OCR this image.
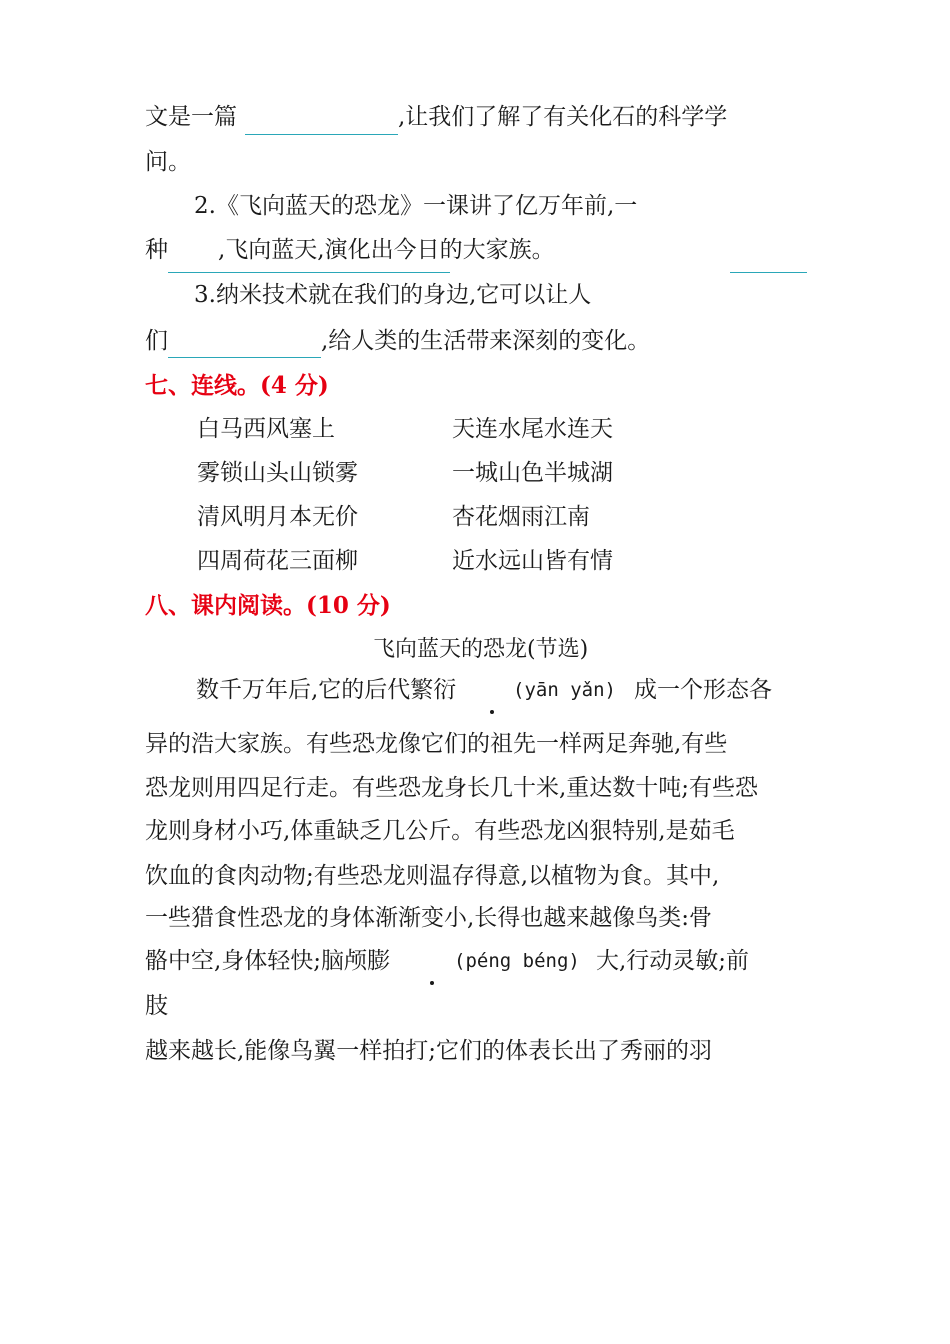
文是一篇	,让我们了解了有关化石的科学学
问。
2.《飞向蓝天的恐龙》一课讲了亿万年前,一
种 ,飞向蓝天,演化出今日的大家族。
3.纳米技术就在我们的身边,它可以让人
们	,给人类的生活带来深刻的变化。
七、连线。(4 分)
白马西风塞上	天连水尾水连天
雾锁山头山锁雾	一城山色半城湖
清风明月本无价	杏花烟雨江南
四周荷花三面柳	近水远山皆有情
八、课内阅读。(10 分)
飞向蓝天的恐龙(节选)
数千万年后,它的后代繁衍	(yān yǎn) 成一个形态各
异的浩大家族。有些恐龙像它们的祖先一样两足奔驰,有些
恐龙则用四足行走。有些恐龙身长几十米,重达数十吨;有些恐
龙则身材小巧,体重缺乏几公斤。有些恐龙凶狠特别,是茹毛
饮血的食肉动物;有些恐龙则温存得意,以植物为食。其中,
一些猎食性恐龙的身体渐渐变小,长得也越来越像鸟类:骨
骼中空,身体轻快;脑颅膨	(péng béng) 大,行动灵敏;前
肢
越来越长,能像鸟翼一样拍打;它们的体表长出了秀丽的羽
